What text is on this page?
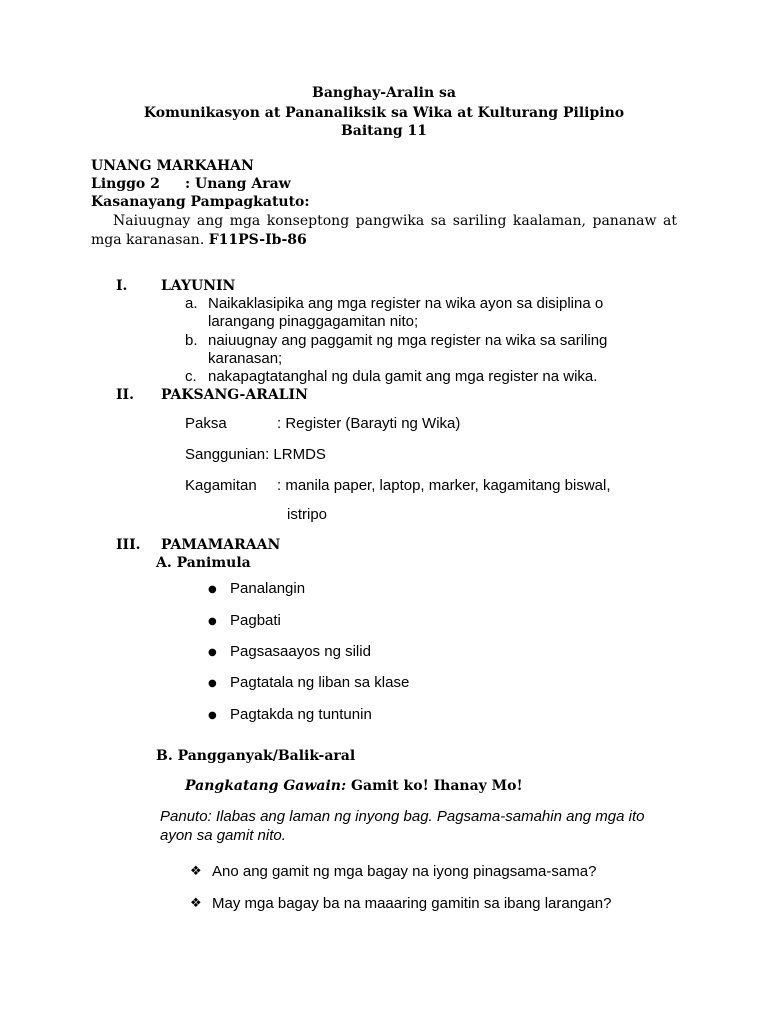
Banghay-Aralin sa
Komunikasyon at Pananaliksik sa Wika at Kulturang Pilipino
Baitang 11
UNANG MARKAHAN
Linggo 2 : Unang Araw
Kasanayang Pampagkatuto:
Naiuugnay ang mga konseptong pangwika sa sariling kaalaman, pananaw at
mga karanasan. F11PS-Ib-86
I. LAYUNIN
a. Naikaklasipika ang mga register na wika ayon sa disiplina o
larangang pinaggagamitan nito;
b. naiuugnay ang paggamit ng mga register na wika sa sariling
karanasan;
c. nakapagtatanghal ng dula gamit ang mga register na wika.
II. PAKSANG-ARALIN
Paksa	: Register (Barayti ng Wika)
Sanggunian: LRMDS
Kagamitan : manila paper, laptop, marker, kagamitang biswal,
istripo
III. PAMAMARAAN
A. Panimula
● Panalangin
● Pagbati
● Pagsasaayos ng silid
● Pagtatala ng liban sa klase
● Pagtakda ng tuntunin
B. Pangganyak/Balik-aral
Pangkatang Gawain: Gamit ko! Ihanay Mo!
Panuto: Ilabas ang laman ng inyong bag. Pagsama-samahin ang mga ito
ayon sa gamit nito.
❖ Ano ang gamit ng mga bagay na iyong pinagsama-sama?
❖ May mga bagay ba na maaaring gamitin sa ibang larangan?
